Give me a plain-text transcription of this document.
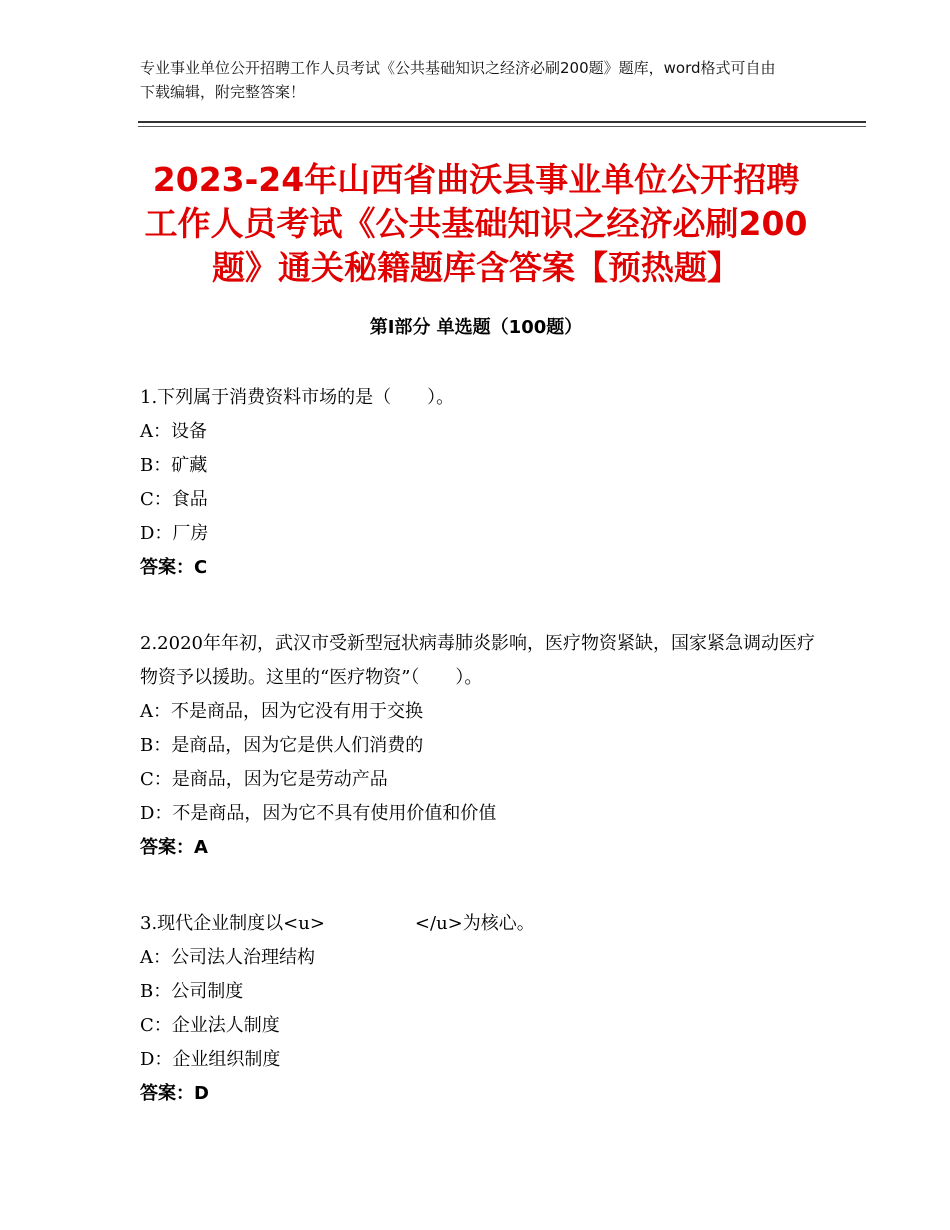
专业事业单位公开招聘工作人员考试《公共基础知识之经济必刷200题》题库，word格式可自由下载编辑，附完整答案！
2023-24年山西省曲沃县事业单位公开招聘工作人员考试《公共基础知识之经济必刷200题》通关秘籍题库含答案【预热题】
第Ⅰ部分 单选题（100题）

1.下列属于消费资料市场的是（　　）。

A：设备

B：矿藏

C：食品

D：厂房

答案：C

2.2020年年初，武汉市受新型冠状病毒肺炎影响，医疗物资紧缺，国家紧急调动医疗物资予以援助。这里的“医疗物资”（　　）。

A：不是商品，因为它没有用于交换

B：是商品，因为它是供人们消费的

C：是商品，因为它是劳动产品

D：不是商品，因为它不具有使用价值和价值

答案：A

3.现代企业制度以<u>　　　　　</u>为核心。

A：公司法人治理结构

B：公司制度

C：企业法人制度

D：企业组织制度

答案：D
